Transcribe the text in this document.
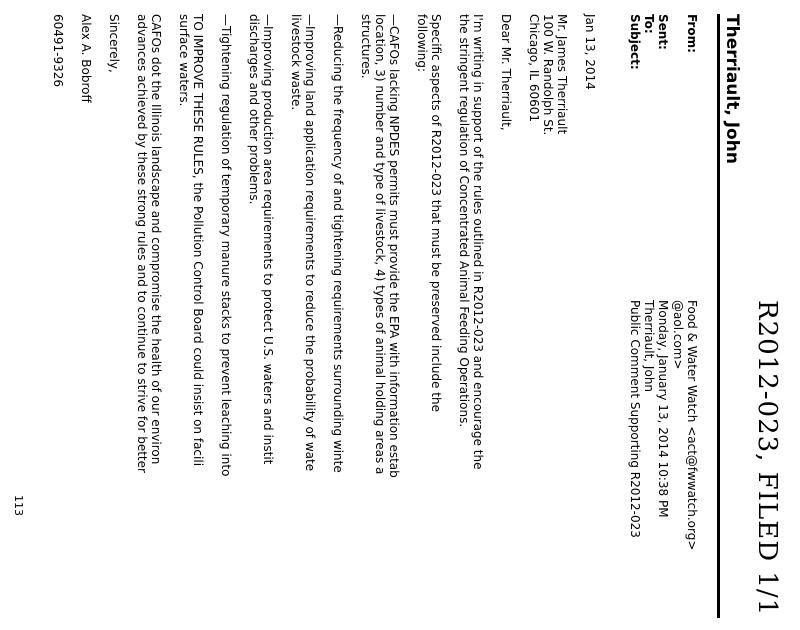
R2012-023, FILED 1/1
Therriault, John
From:
Food & Water Watch <act@fwwatch.org>
@aol.com>
Sent:
Monday, January 13, 2014 10:38 PM
To:
Therriault, John
Subject:
Public Comment Supporting R2012-023
Jan 13, 2014
Mr. James Therriault
100 W. Randolph St.
Chicago, IL 60601
Dear Mr. Therriault,
I'm writing in support of the rules outlined in R2012-023 and encourage the
the stringent regulation of Concentrated Animal Feeding Operations.
Specific aspects of R2012-023 that must be preserved include the
following:
—CAFOs lacking NPDES permits must provide the EPA with information estab
location, 3) number and type of livestock, 4) types of animal holding areas a
structures.
—Reducing the frequency of and tightening requirements surrounding winte
—Improving land application requirements to reduce the probability of wate
livestock waste.
—Improving production area requirements to protect U.S. waters and instit
discharges and other problems.
—Tightening regulation of temporary manure stacks to prevent leaching into
TO IMPROVE THESE RULES, the Pollution Control Board could insist on facili
surface waters.
CAFOs dot the Illinois landscape and compromise the health of our environ
advances achieved by these strong rules and to continue to strive for better
Sincerely,
Alex A. Bobroff
60491-9326
113
